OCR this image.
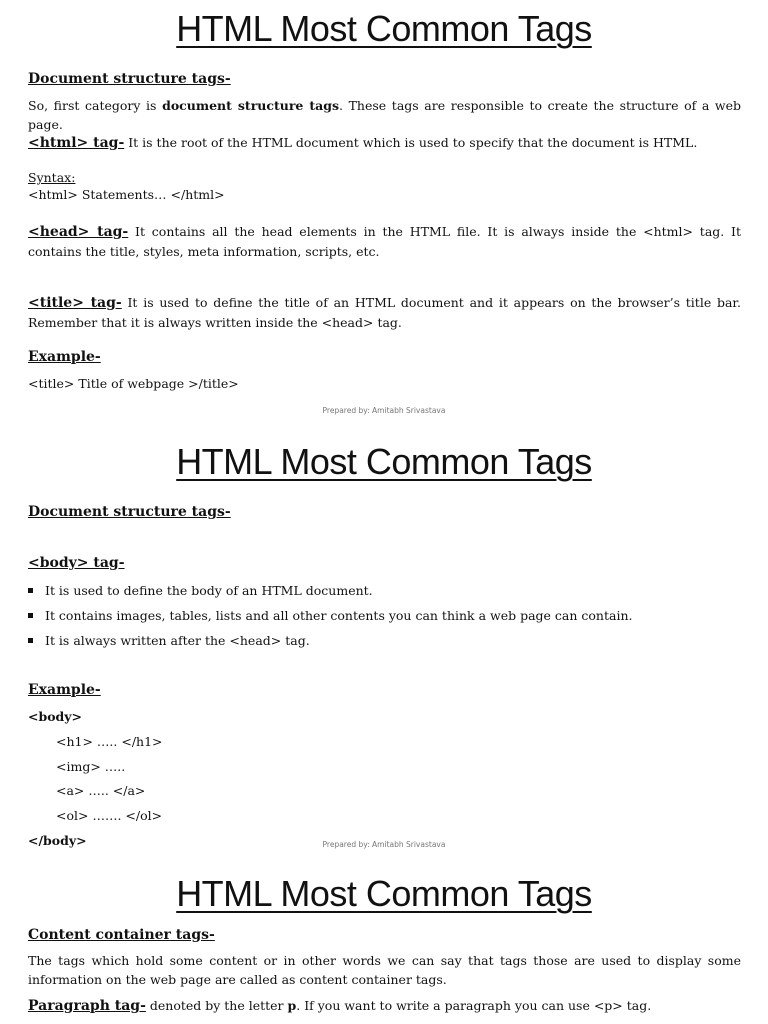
HTML Most Common Tags
Document structure tags-
So, first category is document structure tags. These tags are responsible to create the structure of a web page.
<html> tag- It is the root of the HTML document which is used to specify that the document is HTML.
Syntax:
<html> Statements… </html>
<head> tag- It contains all the head elements in the HTML file. It is always inside the <html> tag. It contains the title, styles, meta information, scripts, etc.
<title> tag- It is used to define the title of an HTML document and it appears on the browser’s title bar. Remember that it is always written inside the <head> tag.
Example-
<title> Title of webpage >/title>
Prepared by: Amitabh Srivastava
HTML Most Common Tags
Document structure tags-
<body> tag-
It is used to define the body of an HTML document.
It contains images, tables, lists and all other contents you can think a web page can contain.
It is always written after the <head> tag.
Example-
<body>
<h1> ….. </h1>
<img> …..
<a> ….. </a>
<ol> ……. </ol>
</body>	Prepared by: Amitabh Srivastava
HTML Most Common Tags
Content container tags-
The tags which hold some content or in other words we can say that tags those are used to display some information on the web page are called as content container tags.
Paragraph tag- denoted by the letter p. If you want to write a paragraph you can use <p> tag.
